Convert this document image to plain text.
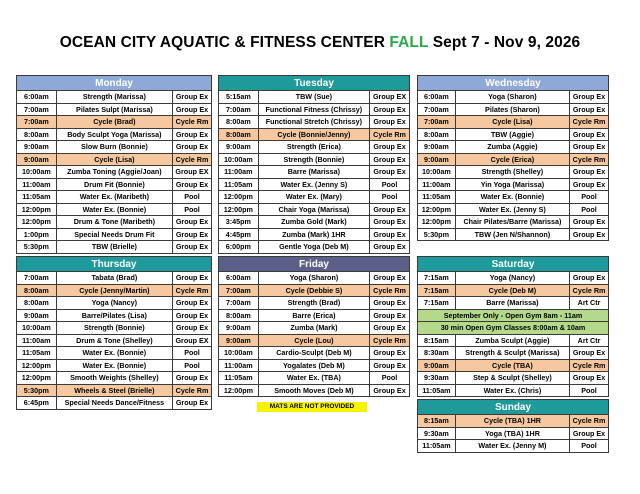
OCEAN CITY AQUATIC & FITNESS CENTER FALL Sept 7 - Nov 9, 2026
Monday		
6:00am	Strength (Marissa)	Group Ex
7:00am	Pilates Sulpt (Marissa)	Group Ex
7:00am	Cycle (Brad)	Cycle Rm
8:00am	Body Sculpt Yoga (Marissa)	Group Ex
9:00am	Slow Burn (Bonnie)	Group Ex
9:00am	Cycle (Lisa)	Cycle Rm
10:00am	Zumba Toning (Aggie/Joan)	Group EX
11:00am	Drum Fit (Bonnie)	Group Ex
11:05am	Water Ex. (Maribeth)	Pool
12:00pm	Water Ex. (Bonnie)	Pool
12:00pm	Drum & Tone (Maribeth)	Group Ex
1:00pm	Special Needs Drum Fit	Group Ex
5:30pm	TBW (Brielle)	Group Ex
Tuesday		
5:15am	TBW (Sue)	Group EX
7:00am	Functional Fitness (Chrissy)	Group Ex
8:00am	Functional Stretch (Chrissy)	Group Ex
8:00am	Cycle (Bonnie/Jenny)	Cycle Rm
9:00am	Strength (Erica)	Group Ex
10:00am	Strength (Bonnie)	Group Ex
11:00am	Barre (Marissa)	Group Ex
11:05am	Water Ex. (Jenny S)	Pool
12:00pm	Water Ex. (Mary)	Pool
12:00pm	Chair Yoga (Marissa)	Group Ex
3:45pm	Zumba Gold (Mark)	Group Ex
4:45pm	Zumba (Mark) 1HR	Group Ex
6:00pm	Gentle Yoga (Deb M)	Group Ex
Wednesday		
6:00am	Yoga (Sharon)	Group Ex
7:00am	Pilates (Sharon)	Group Ex
7:00am	Cycle (Lisa)	Cycle Rm
8:00am	TBW (Aggie)	Group Ex
9:00am	Zumba (Aggie)	Group Ex
9:00am	Cycle (Erica)	Cycle Rm
10:00am	Strength (Shelley)	Group Ex
11:00am	Yin Yoga (Marissa)	Group Ex
11:05am	Water Ex. (Bonnie)	Pool
12:00pm	Water Ex. (Jenny S)	Pool
12:00pm	Chair Pilates/Barre (Marissa)	Group Ex
5:30pm	TBW (Jen N/Shannon)	Group Ex
Thursday		
7:00am	Tabata (Brad)	Group Ex
8:00am	Cycle (Jenny/Martin)	Cycle Rm
8:00am	Yoga (Nancy)	Group Ex
9:00am	Barre/Pilates (Lisa)	Group Ex
10:00am	Strength (Bonnie)	Group Ex
11:00am	Drum & Tone (Shelley)	Group EX
11:05am	Water Ex. (Bonnie)	Pool
12:00pm	Water Ex. (Bonnie)	Pool
12:00pm	Smooth Weights (Shelley)	Group Ex
5:30pm	Wheels & Steel (Brielle)	Cycle Rm
6:45pm	Special Needs Dance/Fitness	Group Ex
Friday		
6:00am	Yoga (Sharon)	Group Ex
7:00am	Cycle (Debbie S)	Cycle Rm
7:00am	Strength (Brad)	Group Ex
8:00am	Barre (Erica)	Group Ex
9:00am	Zumba (Mark)	Group Ex
9:00am	Cycle (Lou)	Cycle Rm
10:00am	Cardio-Sculpt (Deb M)	Group Ex
11:00am	Yogalates (Deb M)	Group Ex
11:05am	Water Ex. (TBA)	Pool
12:00pm	Smooth Moves (Deb M)	Group Ex
Saturday		
7:15am	Yoga (Nancy)	Group Ex
7:15am	Cycle (Deb M)	Cycle Rm
7:15am	Barre (Marissa)	Art Ctr
September Only - Open Gym 8am - 11am		
30 min Open Gym Classes 8:00am & 10am		
8:15am	Zumba Sculpt (Aggie)	Art Ctr
8:30am	Strength & Sculpt (Marissa)	Group Ex
9:00am	Cycle (TBA)	Cycle Rm
9:30am	Step & Sculpt (Shelley)	Group Ex
11:05am	Water Ex. (Chris)	Pool
MATS ARE NOT PROVIDED	Sunday		
8:15am	Cycle (TBA) 1HR	Cycle Rm
9:30am	Yoga (TBA) 1HR	Group Ex
11:05am	Water Ex. (Jenny M)	Pool
